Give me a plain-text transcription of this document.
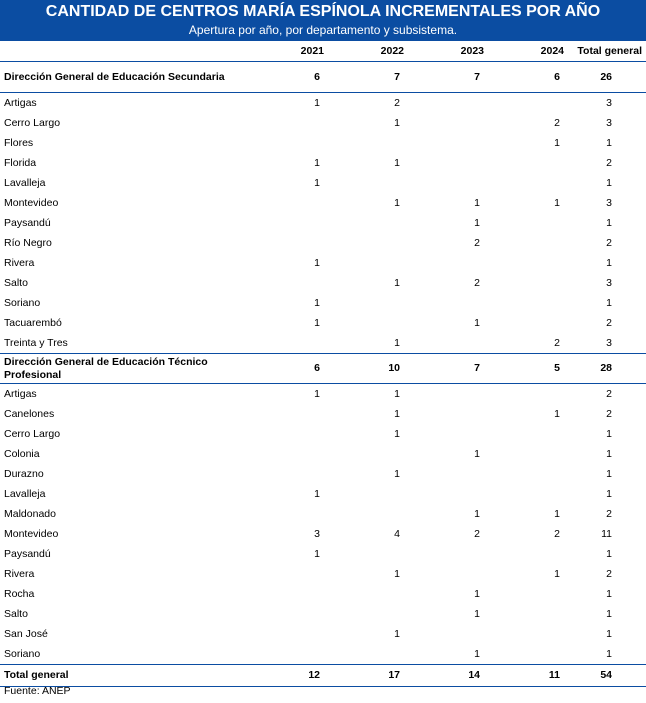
CANTIDAD DE CENTROS MARÍA ESPÍNOLA INCREMENTALES POR AÑO
Apertura por año, por departamento y subsistema.
	2021	2022	2023	2024	Total general
Dirección General de Educación Secundaria	6	7	7	6	26
Artigas	1	2			3
Cerro Largo		1		2	3
Flores				1	1
Florida	1	1			2
Lavalleja	1				1
Montevideo		1	1	1	3
Paysandú			1		1
Río Negro			2		2
Rivera	1				1
Salto		1	2		3
Soriano	1				1
Tacuarembó	1		1		2
Treinta y Tres		1		2	3
Dirección General de Educación Técnico Profesional	6	10	7	5	28
Artigas	1	1			2
Canelones		1		1	2
Cerro Largo		1			1
Colonia			1		1
Durazno		1			1
Lavalleja	1				1
Maldonado			1	1	2
Montevideo	3	4	2	2	11
Paysandú	1				1
Rivera		1		1	2
Rocha			1		1
Salto			1		1
San José		1			1
Soriano			1		1
Total general	12	17	14	11	54
Fuente: ANEP
